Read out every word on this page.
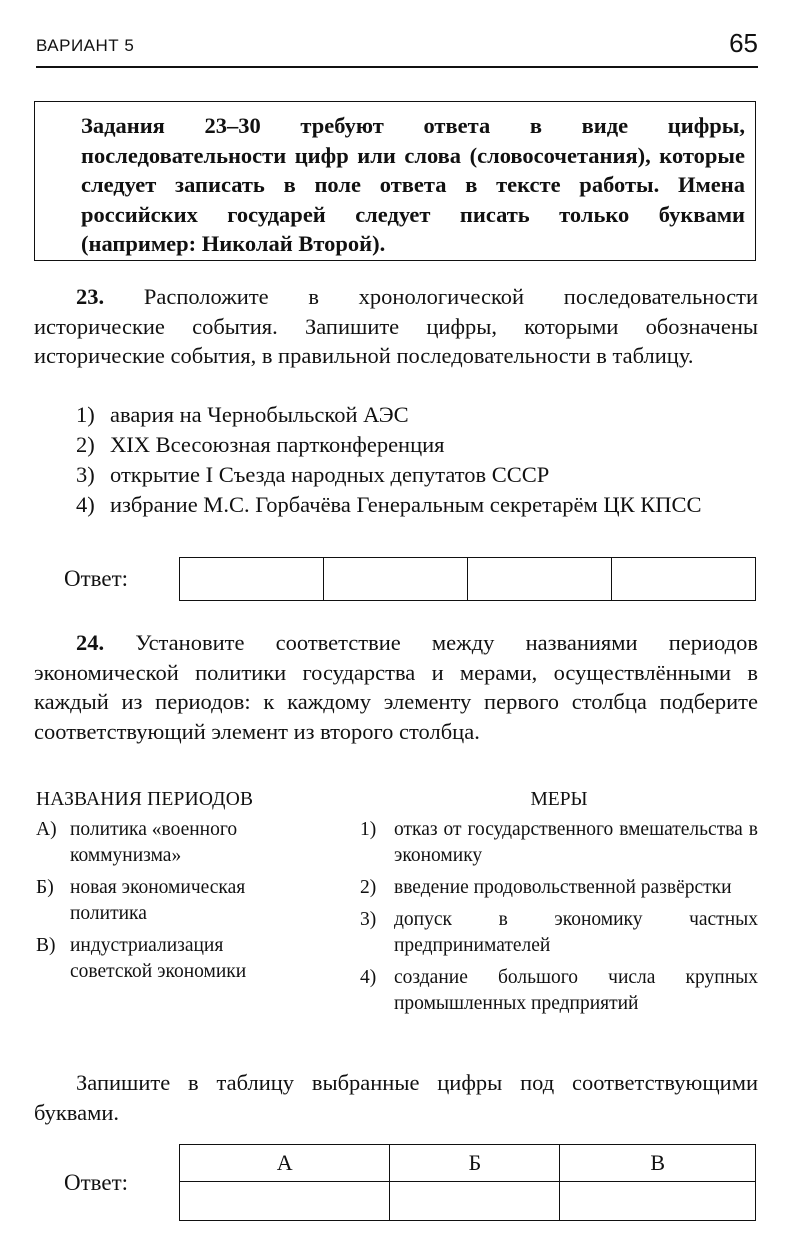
ВАРИАНТ 5	65
Задания 23–30 требуют ответа в виде цифры, последовательности цифр или слова (словосочетания), которые следует записать в поле ответа в тексте работы. Имена российских государей следует писать только буквами (например: Николай Второй).
23. Расположите в хронологической последовательности исторические события. Запишите цифры, которыми обозначены исторические события, в правильной последовательности в таблицу.
1) авария на Чернобыльской АЭС
2) XIX Всесоюзная партконференция
3) открытие I Съезда народных депутатов СССР
4) избрание М.С. Горбачёва Генеральным секретарём ЦК КПСС
Ответ:

24. Установите соответствие между названиями периодов экономической политики государства и мерами, осуществлёнными в каждый из периодов: к каждому элементу первого столбца подберите соответствующий элемент из второго столбца.
НАЗВАНИЯ ПЕРИОДОВ
А) политика «военного коммунизма»
Б) новая экономическая политика
В) индустриализация советской экономики
МЕРЫ
1) отказ от государственного вмешательства в экономику
2) введение продовольственной развёрстки
3) допуск в экономику частных предпринимателей
4) создание большого числа крупных промышленных предприятий
Запишите в таблицу выбранные цифры под соответствующими буквами.
Ответ:
А	Б	В
